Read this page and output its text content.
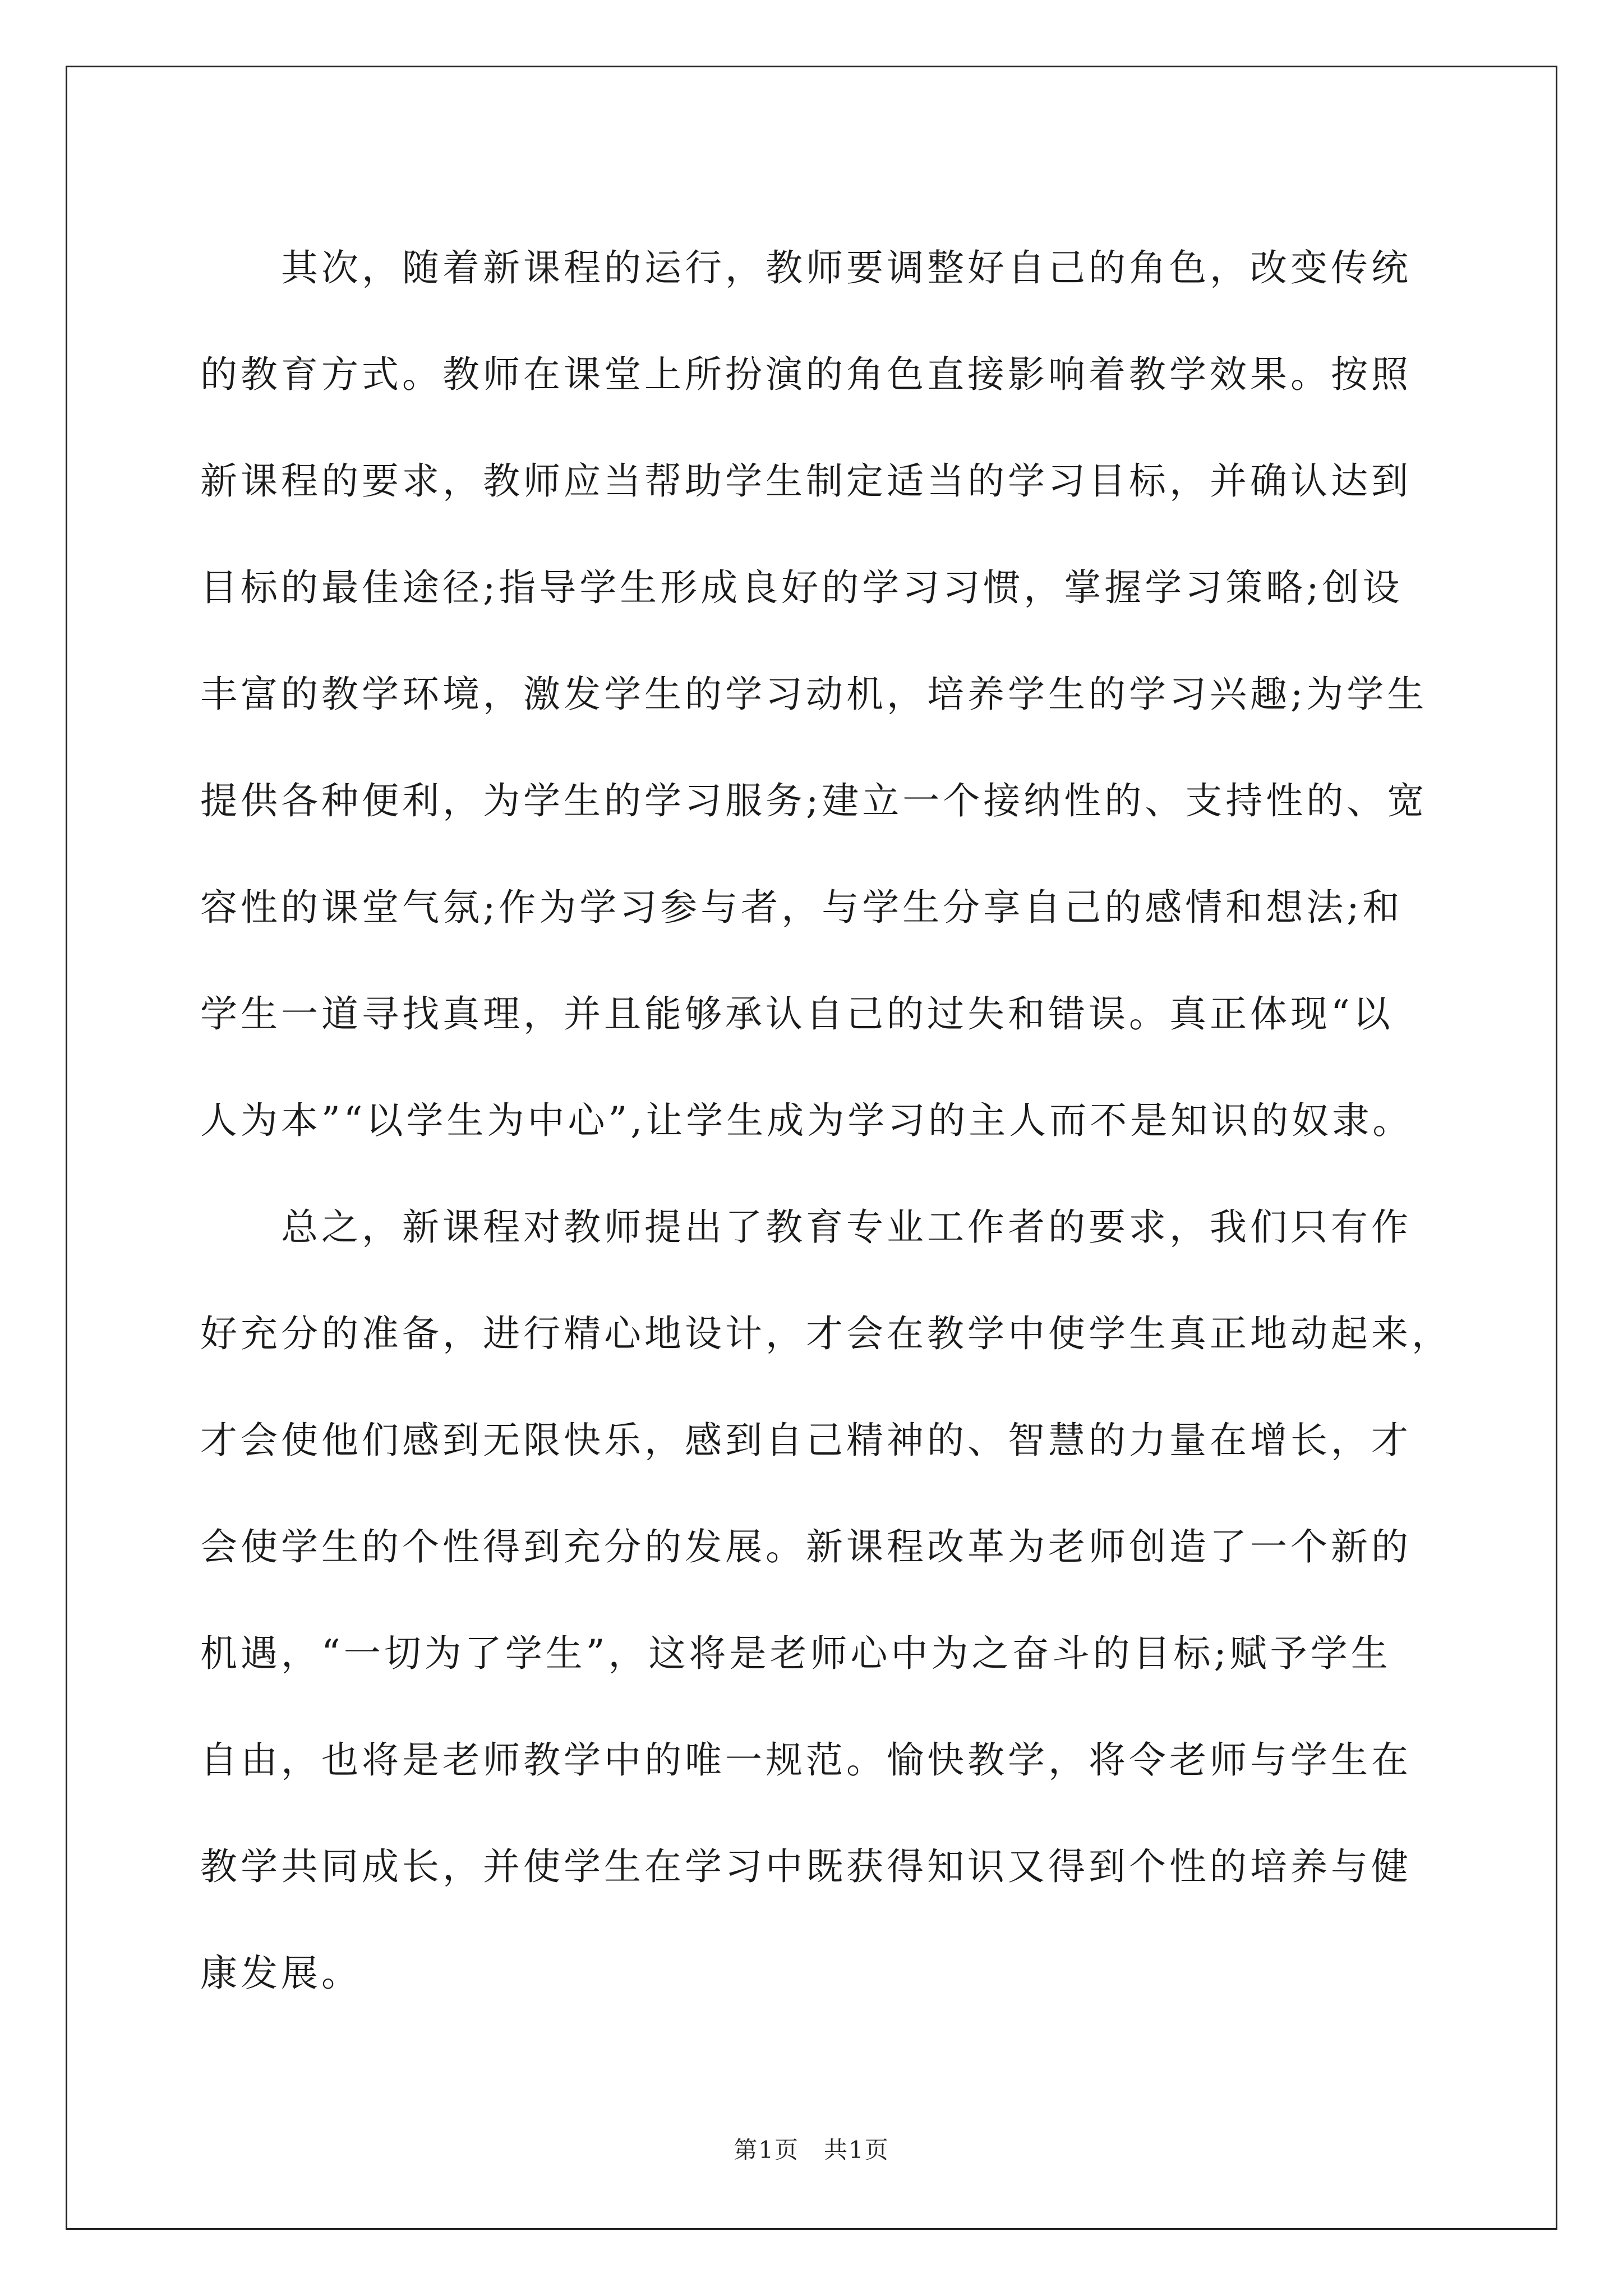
　　其次，随着新课程的运行，教师要调整好自己的角色，改变传统
的教育方式。教师在课堂上所扮演的角色直接影响着教学效果。按照
新课程的要求，教师应当帮助学生制定适当的学习目标，并确认达到
目标的最佳途径;指导学生形成良好的学习习惯，掌握学习策略;创设
丰富的教学环境，激发学生的学习动机，培养学生的学习兴趣;为学生
提供各种便利，为学生的学习服务;建立一个接纳性的、支持性的、宽
容性的课堂气氛;作为学习参与者，与学生分享自己的感情和想法;和
学生一道寻找真理，并且能够承认自己的过失和错误。真正体现“以
人为本”“以学生为中心”,让学生成为学习的主人而不是知识的奴隶。
　　总之，新课程对教师提出了教育专业工作者的要求，我们只有作
好充分的准备，进行精心地设计，才会在教学中使学生真正地动起来，
才会使他们感到无限快乐，感到自己精神的、智慧的力量在增长，才
会使学生的个性得到充分的发展。新课程改革为老师创造了一个新的
机遇，“一切为了学生”，这将是老师心中为之奋斗的目标;赋予学生
自由，也将是老师教学中的唯一规范。愉快教学，将令老师与学生在
教学共同成长，并使学生在学习中既获得知识又得到个性的培养与健
康发展。
第1页　共1页
